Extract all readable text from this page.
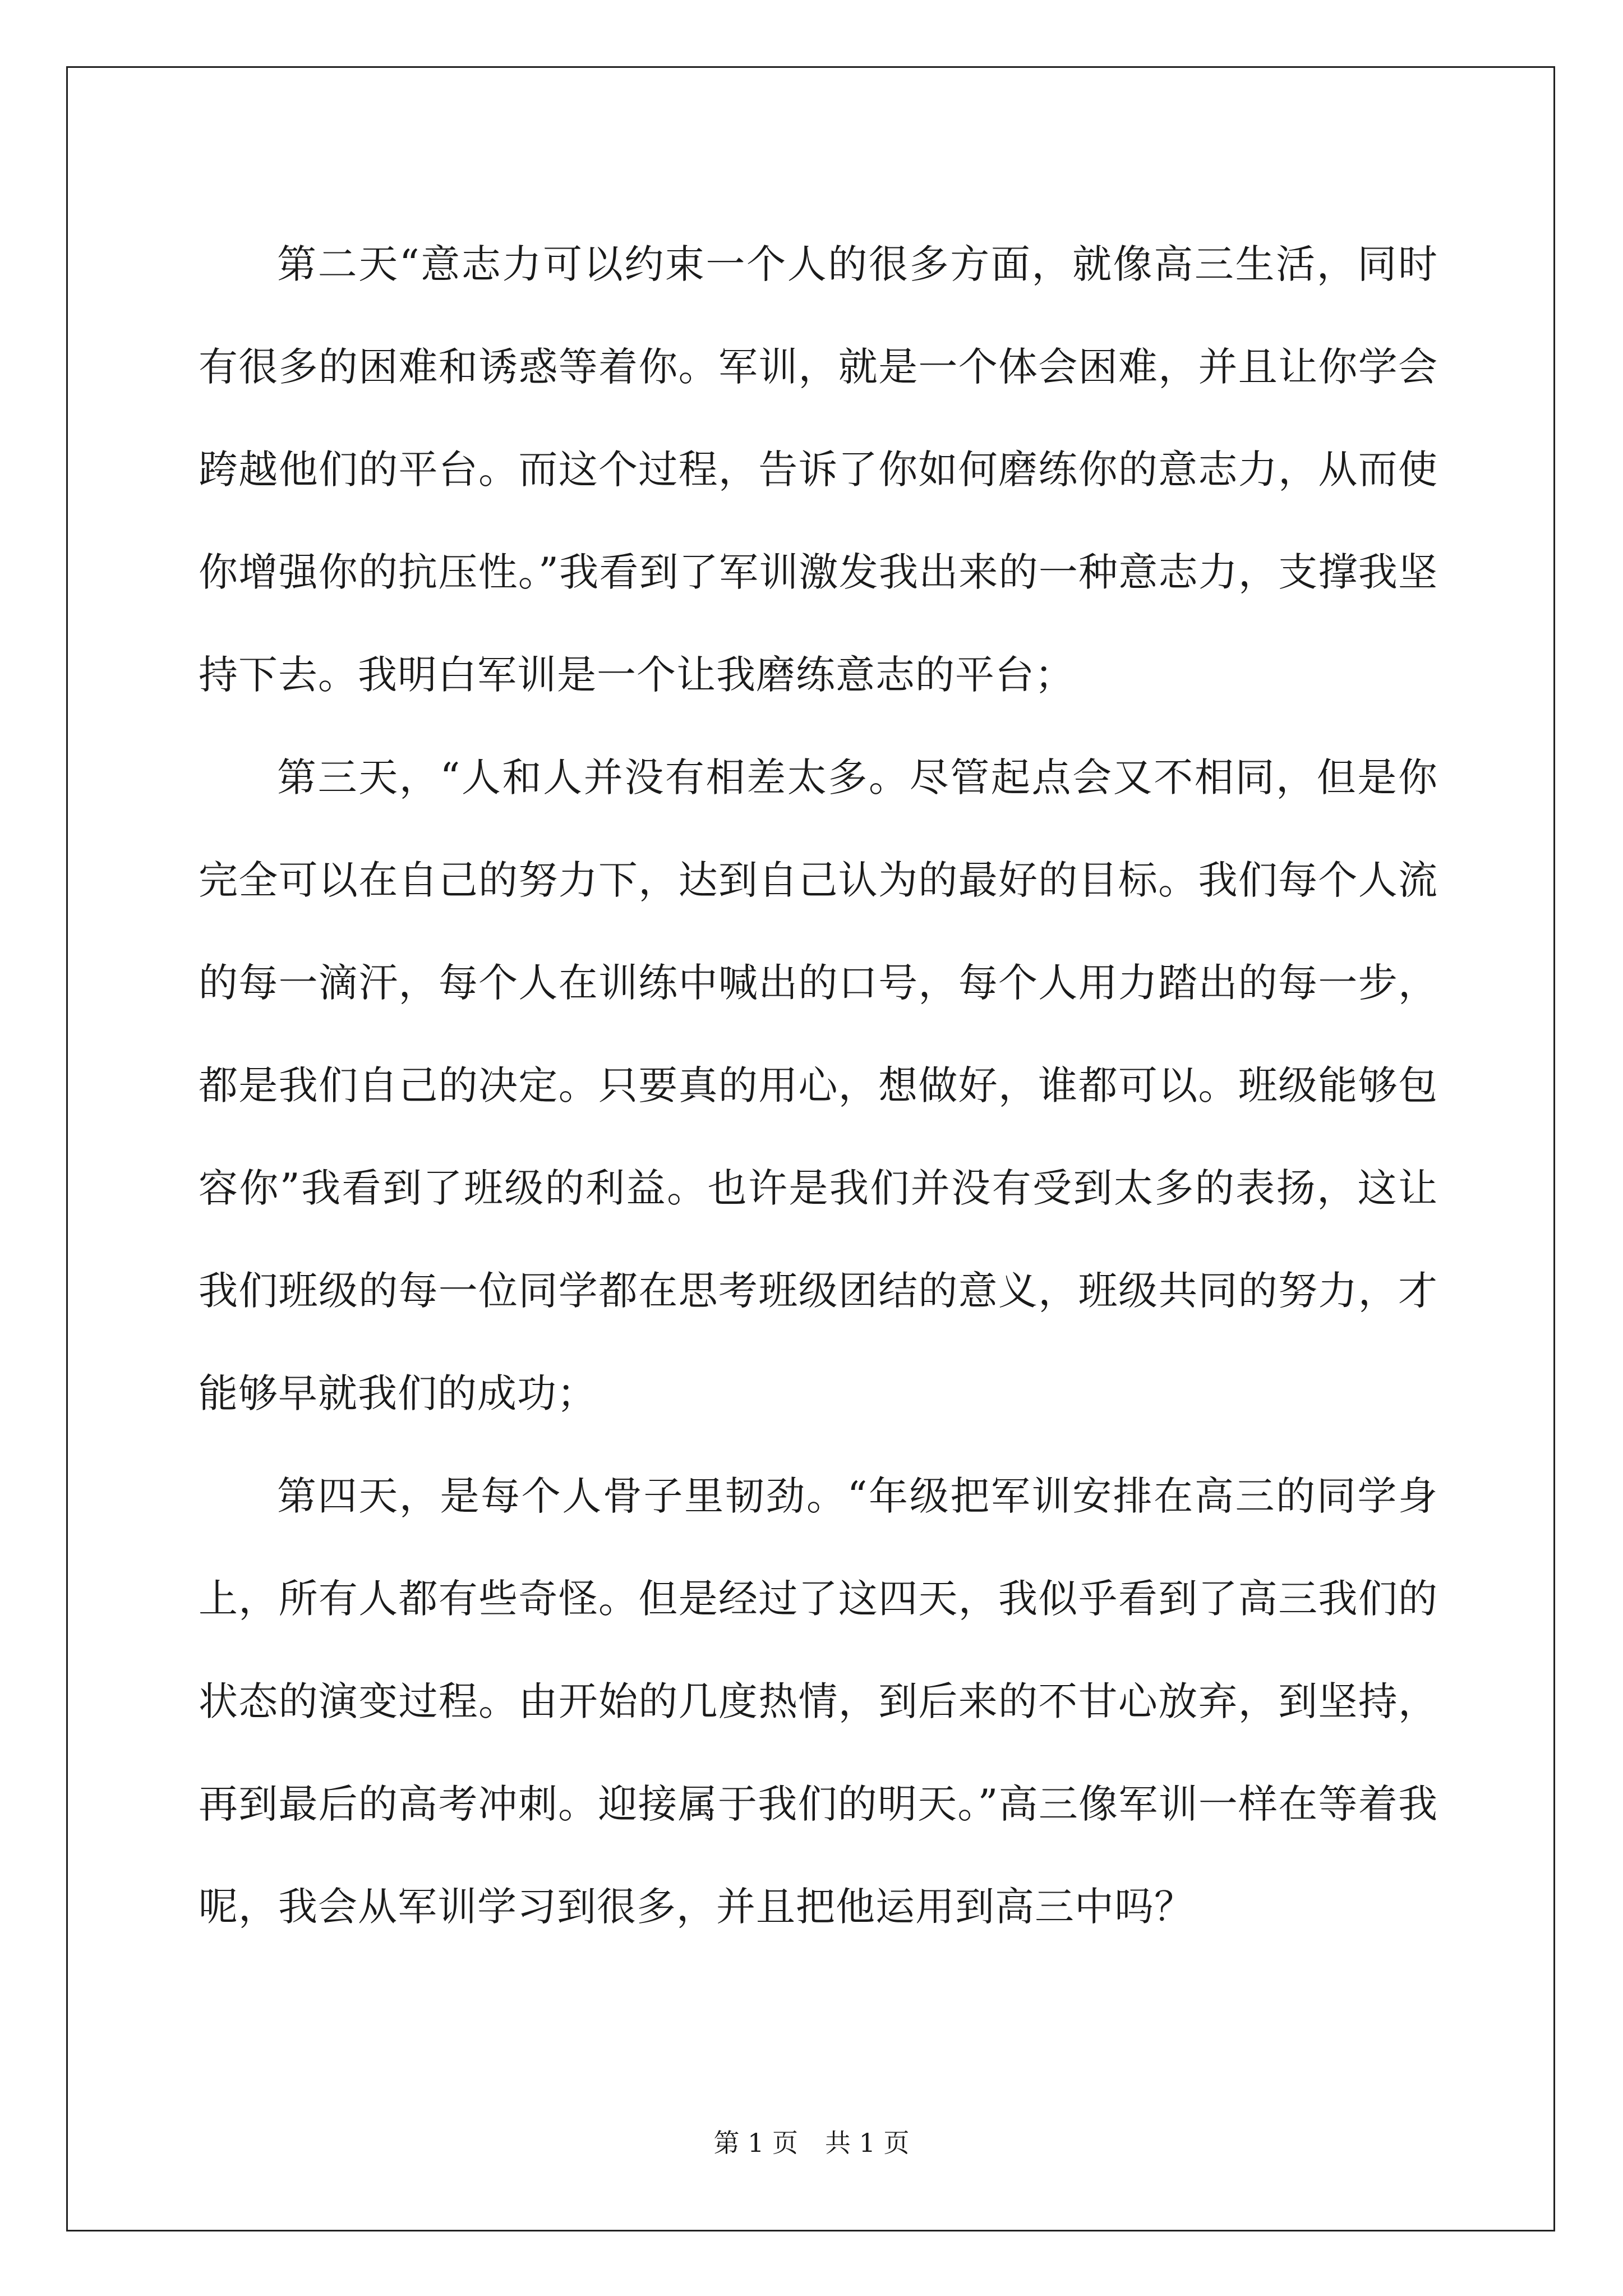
第二天“意志力可以约束一个人的很多方面，就像高三生活，同时有很多的困难和诱惑等着你。军训，就是一个体会困难，并且让你学会跨越他们的平台。而这个过程，告诉了你如何磨练你的意志力，从而使你增强你的抗压性。”我看到了军训激发我出来的一种意志力，支撑我坚持下去。我明白军训是一个让我磨练意志的平台；

第三天，“人和人并没有相差太多。尽管起点会又不相同，但是你完全可以在自己的努力下，达到自己认为的最好的目标。我们每个人流的每一滴汗，每个人在训练中喊出的口号，每个人用力踏出的每一步，都是我们自己的决定。只要真的用心，想做好，谁都可以。班级能够包容你”我看到了班级的利益。也许是我们并没有受到太多的表扬，这让我们班级的每一位同学都在思考班级团结的意义，班级共同的努力，才能够早就我们的成功；

第四天，是每个人骨子里韧劲。“年级把军训安排在高三的同学身上，所有人都有些奇怪。但是经过了这四天，我似乎看到了高三我们的状态的演变过程。由开始的几度热情，到后来的不甘心放弃，到坚持，再到最后的高考冲刺。迎接属于我们的明天。”高三像军训一样在等着我呢，我会从军训学习到很多，并且把他运用到高三中吗？

第 1 页 共 1 页
